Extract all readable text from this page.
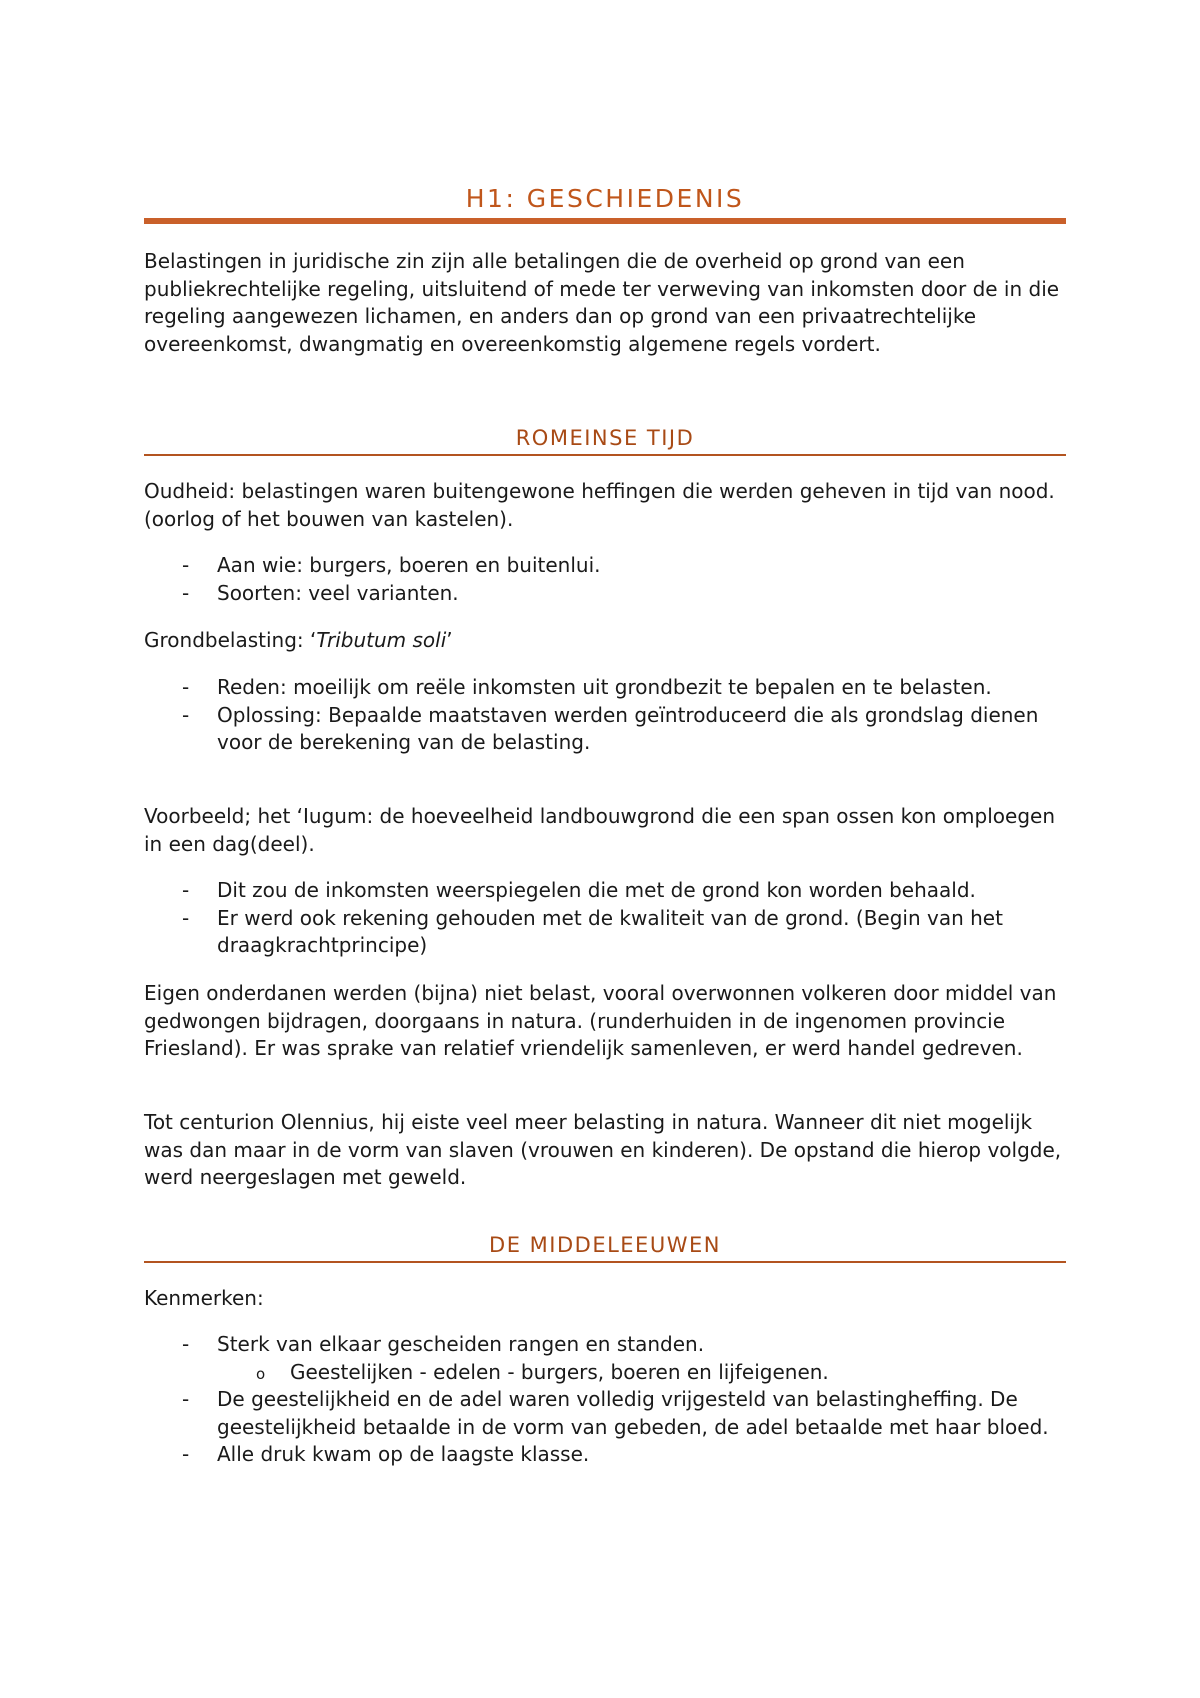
H1: GESCHIEDENIS

Belastingen in juridische zin zijn alle betalingen die de overheid op grond van een publiekrechtelijke regeling, uitsluitend of mede ter verweving van inkomsten door de in die regeling aangewezen lichamen, en anders dan op grond van een privaatrechtelijke overeenkomst, dwangmatig en overeenkomstig algemene regels vordert.

ROMEINSE TIJD

Oudheid: belastingen waren buitengewone heffingen die werden geheven in tijd van nood. (oorlog of het bouwen van kastelen).

- Aan wie: burgers, boeren en buitenlui.
- Soorten: veel varianten.

Grondbelasting: ‘Tributum soli’

- Reden: moeilijk om reële inkomsten uit grondbezit te bepalen en te belasten.
- Oplossing: Bepaalde maatstaven werden geïntroduceerd die als grondslag dienen voor de berekening van de belasting.

Voorbeeld; het ‘Iugum: de hoeveelheid landbouwgrond die een span ossen kon omploegen in een dag(deel).

- Dit zou de inkomsten weerspiegelen die met de grond kon worden behaald.
- Er werd ook rekening gehouden met de kwaliteit van de grond. (Begin van het draagkrachtprincipe)

Eigen onderdanen werden (bijna) niet belast, vooral overwonnen volkeren door middel van gedwongen bijdragen, doorgaans in natura. (runderhuiden in de ingenomen provincie Friesland). Er was sprake van relatief vriendelijk samenleven, er werd handel gedreven.

Tot centurion Olennius, hij eiste veel meer belasting in natura. Wanneer dit niet mogelijk was dan maar in de vorm van slaven (vrouwen en kinderen). De opstand die hierop volgde, werd neergeslagen met geweld.

DE MIDDELEEUWEN

Kenmerken:

- Sterk van elkaar gescheiden rangen en standen.
o Geestelijken - edelen - burgers, boeren en lijfeigenen.
- De geestelijkheid en de adel waren volledig vrijgesteld van belastingheffing. De geestelijkheid betaalde in de vorm van gebeden, de adel betaalde met haar bloed.
- Alle druk kwam op de laagste klasse.
